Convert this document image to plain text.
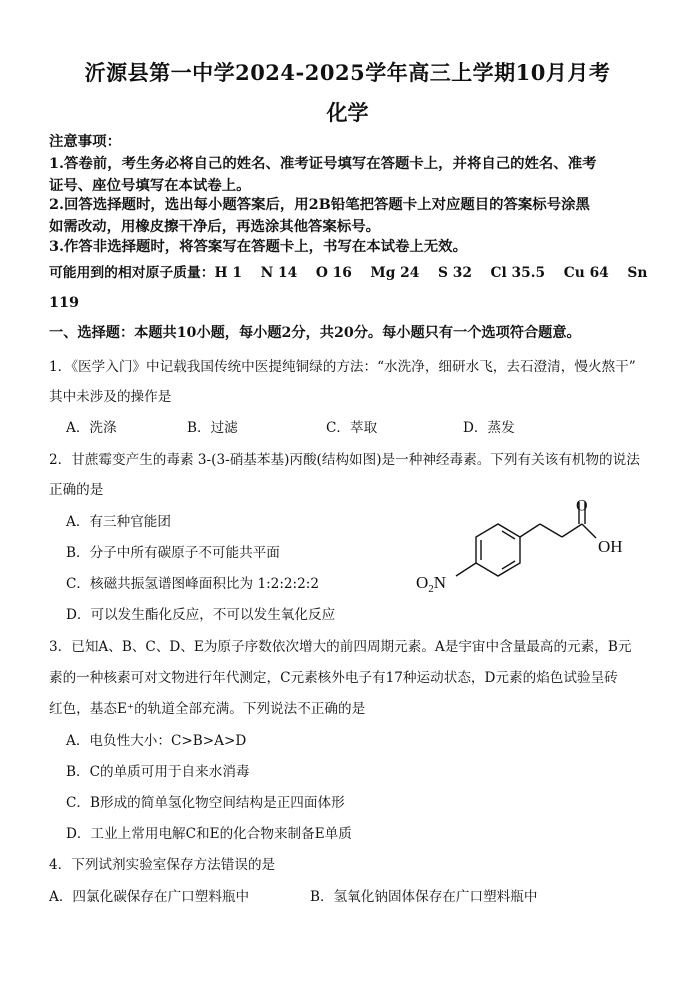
沂源县第一中学2024-2025学年高三上学期10月月考
化学
注意事项：
1.答卷前，考生务必将自己的姓名、准考证号填写在答题卡上，并将自己的姓名、准考
证号、座位号填写在本试卷上。
2.回答选择题时，选出每小题答案后，用2B铅笔把答题卡上对应题目的答案标号涂黑
如需改动，用橡皮擦干净后，再选涂其他答案标号。
3.作答非选择题时，将答案写在答题卡上，书写在本试卷上无效。
可能用到的相对原子质量：H 1　 N 14　 O 16　 Mg 24　 S 32　 Cl 35.5　 Cu 64　 Sn
119
一、选择题：本题共10小题，每小题2分，共20分。每小题只有一个选项符合题意。
1．《医学入门》中记载我国传统中医提纯铜绿的方法：“水洗净，细研水飞，去石澄清，慢火熬干”
其中未涉及的操作是
A．洗涤	B．过滤	C．萃取	D．蒸发
2．甘蔗霉变产生的毒素 3-(3-硝基苯基)丙酸(结构如图)是一种神经毒素。下列有关该有机物的说法
正确的是
A．有三种官能团
B．分子中所有碳原子不可能共平面
C．核磁共振氢谱图峰面积比为 1:2:2:2:2
D．可以发生酯化反应，不可以发生氧化反应
OH
O
$O_2N$
3．已知A、B、C、D、E为原子序数依次增大的前四周期元素。A是宇宙中含量最高的元素，B元
素的一种核素可对文物进行年代测定，C元素核外电子有17种运动状态，D元素的焰色试验呈砖
红色，基态E⁺的轨道全部充满。下列说法不正确的是
A．电负性大小：C>B>A>D
B．C的单质可用于自来水消毒
C．B形成的简单氢化物空间结构是正四面体形
D．工业上常用电解C和E的化合物来制备E单质
4．下列试剂实验室保存方法错误的是
A．四氯化碳保存在广口塑料瓶中	B．氢氧化钠固体保存在广口塑料瓶中
